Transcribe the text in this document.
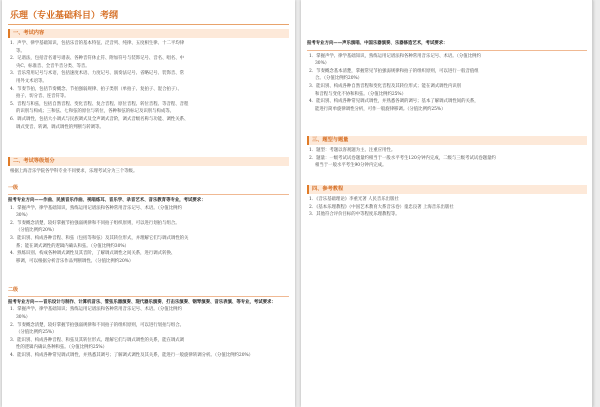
乐理（专业基础科目）考纲
一、考试内容
1．声学、律学基础知识，包括乐音的基本特征、泛音列、纯律、五度相生律、十二平均律
等。
2．记谱法，包括音名谱号谱表、各种音符休止符、附加符号与装饰记号、音名、唱名、中
央C、标准音、全音半音分类、等音。
3．音乐常用记号与术语，包括速度术语、力度记号、演奏法记号、省略记号、装饰音、常
用外文术语等。
4．节奏节拍，包括节奏概念、节拍强弱规律、拍子类别（单拍子、复拍子、混合拍子）、
拍子、切分音、连音符等。
5．音程与和弦，包括自然音程、变化音程、复合音程、原位音程、转位音程、等音程、音程
的识别与构成；三和弦、七和弦的原位与转位，各种和弦的标记及识别与构成等。
6．调式调性，包括大小调式与民族调式及全声调式音阶，调式音级名称与功能、调性关系、
调式变音、转调、调式调性的判断与转调等。
二、考试等级划分
根据上海音乐学院各学科专业不同要求，乐理考试分为三个等级。
一级
报考专业方向——作曲、民族音乐作曲、视唱练耳、音乐学、录音艺术、音乐教育等专业，考试要求：
1．掌握声学、律学基础知识，熟练运用记谱法和各种常用音乐记号、术语。（分值比例约
30%）
2．节奏概念清楚，较好掌握节拍强弱规律和不同拍子组织原则，可以进行划拍与组合。
（分值比例约20%）
3．能识别、构成各种音程、和弦（包括等和弦）及其转位形式，并理解它们与调式调性的关
系；能在调式调性的逻辑内确认和弦。（分值比例约30%）
4．熟练识别、构成各种调式调性及其音阶，了解调式调性之间关系，进行调式转换、
移调，可以根据分析音乐作品判断调性。（分值比例约20%）
二级
报考专业方向——音乐设计与制作、计算机音乐、管弦乐器演奏、现代器乐演奏、打击乐演奏、钢琴演奏、音乐表演、等专业，考试要求：
1．掌握声学、律学基础知识；熟练运用记谱法和各种常用音乐记号、术语。（分值比例约
30%）
2．节奏概念清楚，较好掌握节拍强弱规律和不同拍子的组织原则，可以进行划拍与组合。
（分值比例约25%）
3．能识别、构成各种音程、和弦及其转位形式。理解它们与调式调性的关系，能在调式调
性的逻辑内确认各种和弦。（分值比例约25%）
4．能识别、构成各种常见调式调性，并熟悉其调号；了解调式调性及其关系，能进行一般旋律转调分析。（分值比例约20%）
报考专业方向——声乐演唱、中国乐器演奏、乐器修造艺术，考试要求：
1．掌握声学、律学基础知识，熟练运用记谱法和各种常用音乐记号、术语。（分值比例约
30%）
2．节奏概念基本清楚，掌握常见节拍强弱规律和拍子的组织原则，可以进行一般音值组
合。（分值比例约20%）
3．能识别、构成各种自然音程和变化音程及其转位形式；能在调式调性内识别
和音程与变化不协和和弦。（分值比例约25%）
4．能识别、构成各种常见调式调性，并熟悉各调的调号；基本了解调式调性间的关系，
能进行简单旋律调性分析，可作一般旋律移调。（分值比例约25%）
三、题型与题量
1．题型：考题以客观题为主、注重应用性。
2．题量：一级考试试卷题量约相当于一般水平考生120分钟内完成，二级与三级考试试卷题量约
相当于一般水平考生90分钟内完成。
四、参考教程
1．《音乐基础理论》李重光著 人民音乐出版社
2．《基本乐理教程》（中国艺术教育大系音乐卷）童忠良著 上海音乐出版社
3．其他符合评价目标的中等程度乐理教程等。
